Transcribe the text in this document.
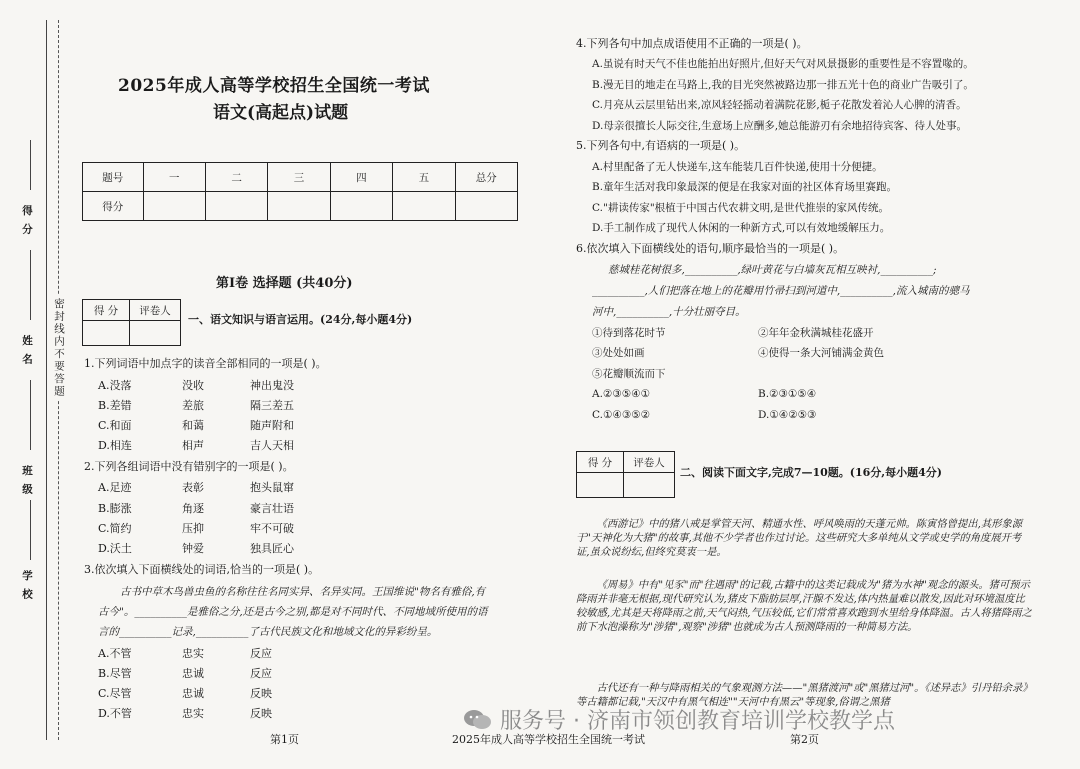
得 分
姓 名
班 级
学 校
密封线内不要答题
2025年成人高等学校招生全国统一考试
语文(高起点)试题
题号	一	二	三	四	五	总分
得分						
第Ⅰ卷 选择题 (共40分)
得 分	评卷人

一、语文知识与语言运用。(24分,每小题4分)
1.下列词语中加点字的读音全部相同的一项是( )。
A.没落	没收	神出鬼没
B.差错	差旅	隔三差五
C.和面	和蔼	随声附和
D.相连	相声	吉人天相
2.下列各组词语中没有错别字的一项是( )。
A.足迹	表彰	抱头鼠窜
B.膨涨	角逐	豪言壮语
C.简约	压抑	牢不可破
D.沃土	钟爱	独具匠心
3.依次填入下面横线处的词语,恰当的一项是( )。
古书中草木鸟兽虫鱼的名称往往名同实异、名异实同。王国维说"物名有雅俗,有
古今"。__________是雅俗之分,还是古今之别,都是对不同时代、不同地域所使用的语
言的__________记录,__________了古代民族文化和地域文化的异彩纷呈。
A.不管	忠实	反应
B.尽管	忠诚	反应
C.尽管	忠诚	反映
D.不管	忠实	反映
4.下列各句中加点成语使用不正确的一项是( )。
A.虽说有时天气不佳也能拍出好照片,但好天气对风景摄影的重要性是不容置喙的。
B.漫无目的地走在马路上,我的目光突然被路边那一排五光十色的商业广告吸引了。
C.月亮从云层里钻出来,凉风轻轻摇动着满院花影,栀子花散发着沁人心脾的清香。
D.母亲很擅长人际交往,生意场上应酬多,她总能游刃有余地招待宾客、待人处事。
5.下列各句中,有语病的一项是( )。
A.村里配备了无人快递车,这车能装几百件快递,使用十分便捷。
B.童年生活对我印象最深的便是在我家对面的社区体育场里赛跑。
C."耕读传家"根植于中国古代农耕文明,是世代推崇的家风传统。
D.手工制作成了现代人休闲的一种新方式,可以有效地缓解压力。
6.依次填入下面横线处的语句,顺序最恰当的一项是( )。
慈城桂花树很多,__________,绿叶黄花与白墙灰瓦相互映衬,__________;
__________,人们把落在地上的花瓣用竹帚扫到河道中,__________,流入城南的骢马
河中,__________,十分壮丽夺目。
①待到落花时节	②年年金秋满城桂花盛开
③处处如画	④使得一条大河铺满金黄色
⑤花瓣顺流而下
A.②③⑤④①	B.②③①⑤④
C.①④③⑤②	D.①④②⑤③
得 分	评卷人

二、阅读下面文字,完成7—10题。(16分,每小题4分)
《西游记》中的猪八戒是掌管天河、精通水性、呼风唤雨的天蓬元帅。陈寅恪曾提出,其形象源于"天神化为大猪"的故事,其他不少学者也作过讨论。这些研究大多单纯从文学或史学的角度展开考证,虽众说纷纭,但终究莫衷一是。
《周易》中有"见豕"而"往遇雨"的记载,古籍中的这类记载成为"猪为水神"观念的源头。猪可预示降雨并非毫无根据,现代研究认为,猪皮下脂肪层厚,汗腺不发达,体内热量难以散发,因此对环境温度比较敏感,尤其是天将降雨之前,天气闷热,气压较低,它们常常喜欢跑到水里给身体降温。古人将猪降雨之前下水泡澡称为"涉猪",观察"涉猪"也就成为古人预测降雨的一种简易方法。
古代还有一种与降雨相关的气象观测方法——"黑猪渡河"或"黑猪过河"。《述异志》引丹铅余录》等古籍都记载,"天汉中有黑气相连""天河中有黑云"等现象,俗谓之黑猪
第1页	2025年成人高等学校招生全国统一考试	第2页
服务号 · 济南市领创教育培训学校教学点
